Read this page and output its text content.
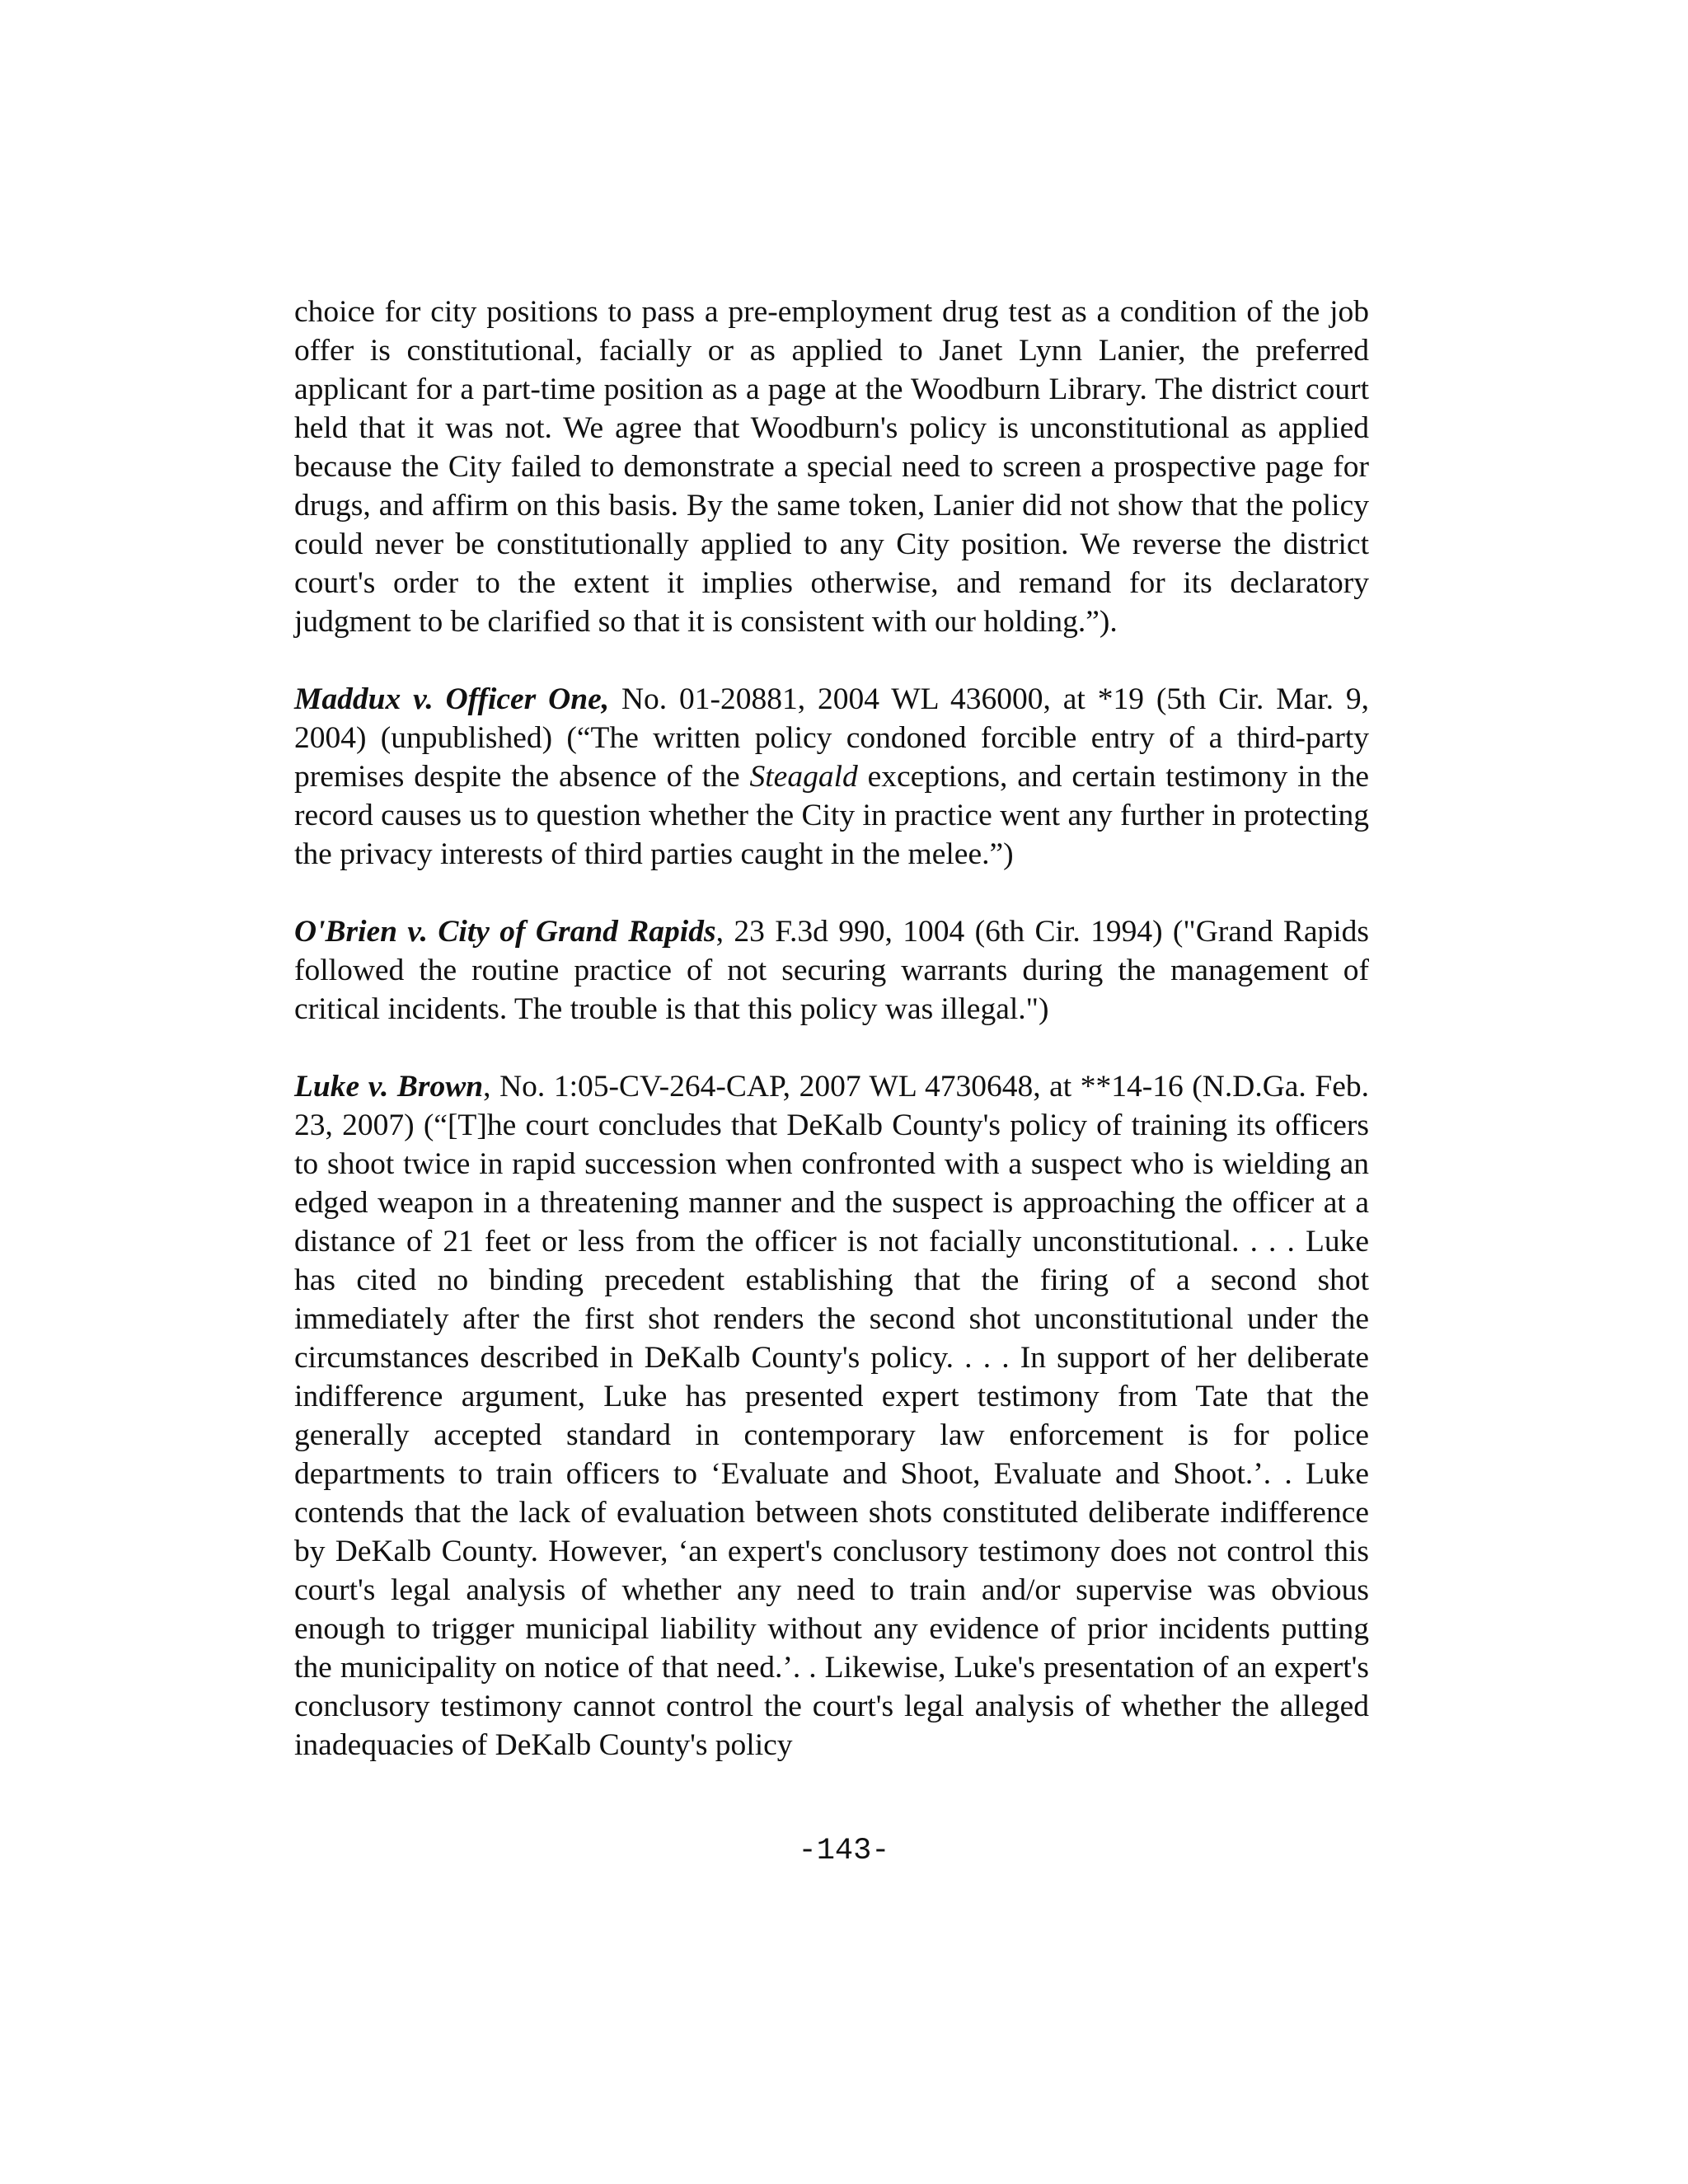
choice for city positions to pass a pre-employment drug test as a condition of the job offer is constitutional, facially or as applied to Janet Lynn Lanier, the preferred applicant for a part-time position as a page at the Woodburn Library. The district court held that it was not. We agree that Woodburn's policy is unconstitutional as applied because the City failed to demonstrate a special need to screen a prospective page for drugs, and affirm on this basis. By the same token, Lanier did not show that the policy could never be constitutionally applied to any City position. We reverse the district court's order to the extent it implies otherwise, and remand for its declaratory judgment to be clarified so that it is consistent with our holding.”).

Maddux v. Officer One, No. 01-20881, 2004 WL 436000, at *19 (5th Cir. Mar. 9, 2004) (unpublished) (“The written policy condoned forcible entry of a third-party premises despite the absence of the Steagald exceptions, and certain testimony in the record causes us to question whether the City in practice went any further in protecting the privacy interests of third parties caught in the melee.”)

O'Brien v. City of Grand Rapids, 23 F.3d 990, 1004 (6th Cir. 1994) ("Grand Rapids followed the routine practice of not securing warrants during the management of critical incidents. The trouble is that this policy was illegal.")

Luke v. Brown, No. 1:05-CV-264-CAP, 2007 WL 4730648, at **14-16 (N.D.Ga. Feb. 23, 2007) (“[T]he court concludes that DeKalb County's policy of training its officers to shoot twice in rapid succession when confronted with a suspect who is wielding an edged weapon in a threatening manner and the suspect is approaching the officer at a distance of 21 feet or less from the officer is not facially unconstitutional. . . . Luke has cited no binding precedent establishing that the firing of a second shot immediately after the first shot renders the second shot unconstitutional under the circumstances described in DeKalb County's policy. . . . In support of her deliberate indifference argument, Luke has presented expert testimony from Tate that the generally accepted standard in contemporary law enforcement is for police departments to train officers to ‘Evaluate and Shoot, Evaluate and Shoot.’. . Luke contends that the lack of evaluation between shots constituted deliberate indifference by DeKalb County. However, ‘an expert's conclusory testimony does not control this court's legal analysis of whether any need to train and/or supervise was obvious enough to trigger municipal liability without any evidence of prior incidents putting the municipality on notice of that need.’. . Likewise, Luke's presentation of an expert's conclusory testimony cannot control the court's legal analysis of whether the alleged inadequacies of DeKalb County's policy

-143-
